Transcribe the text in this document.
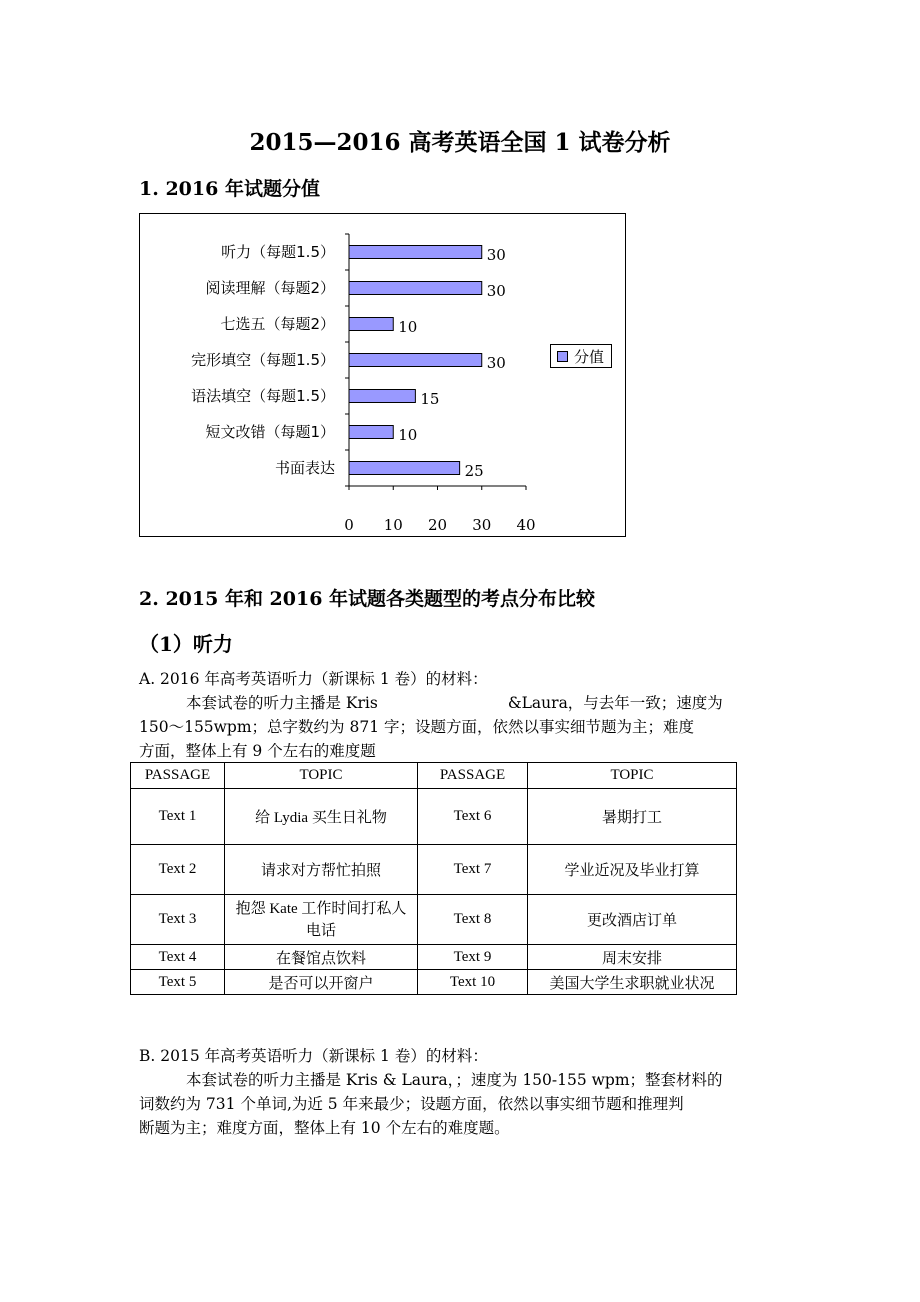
2015—2016 高考英语全国 1 试卷分析
1. 2016 年试题分值
听力（每题1.5）	30
阅读理解（每题2）	30
七选五（每题2）	10
完形填空（每题1.5）	30
语法填空（每题1.5）	15
短文改错（每题1）	10
书面表达	25
0 10 20 30 40
分值
2. 2015 年和 2016 年试题各类题型的考点分布比较
（1）听力
A. 2016 年高考英语听力（新课标 1 卷）的材料：
本套试卷的听力主播是 Kris	&Laura，与去年一致；速度为
150～155wpm；总字数约为 871 字；设题方面，依然以事实细节题为主；难度
方面，整体上有 9 个左右的难度题
PASSAGE	TOPIC	PASSAGE	TOPIC
Text 1	给 Lydia 买生日礼物	Text 6	暑期打工
Text 2	请求对方帮忙拍照	Text 7	学业近况及毕业打算
Text 3	抱怨 Kate 工作时间打私人电话	Text 8	更改酒店订单
Text 4	在餐馆点饮料	Text 9	周末安排
Text 5	是否可以开窗户	Text 10	美国大学生求职就业状况
B. 2015 年高考英语听力（新课标 1 卷）的材料：
本套试卷的听力主播是 Kris & Laura，；速度为 150-155 wpm；整套材料的
词数约为 731 个单词,为近 5 年来最少；设题方面，依然以事实细节题和推理判
断题为主；难度方面，整体上有 10 个左右的难度题。
